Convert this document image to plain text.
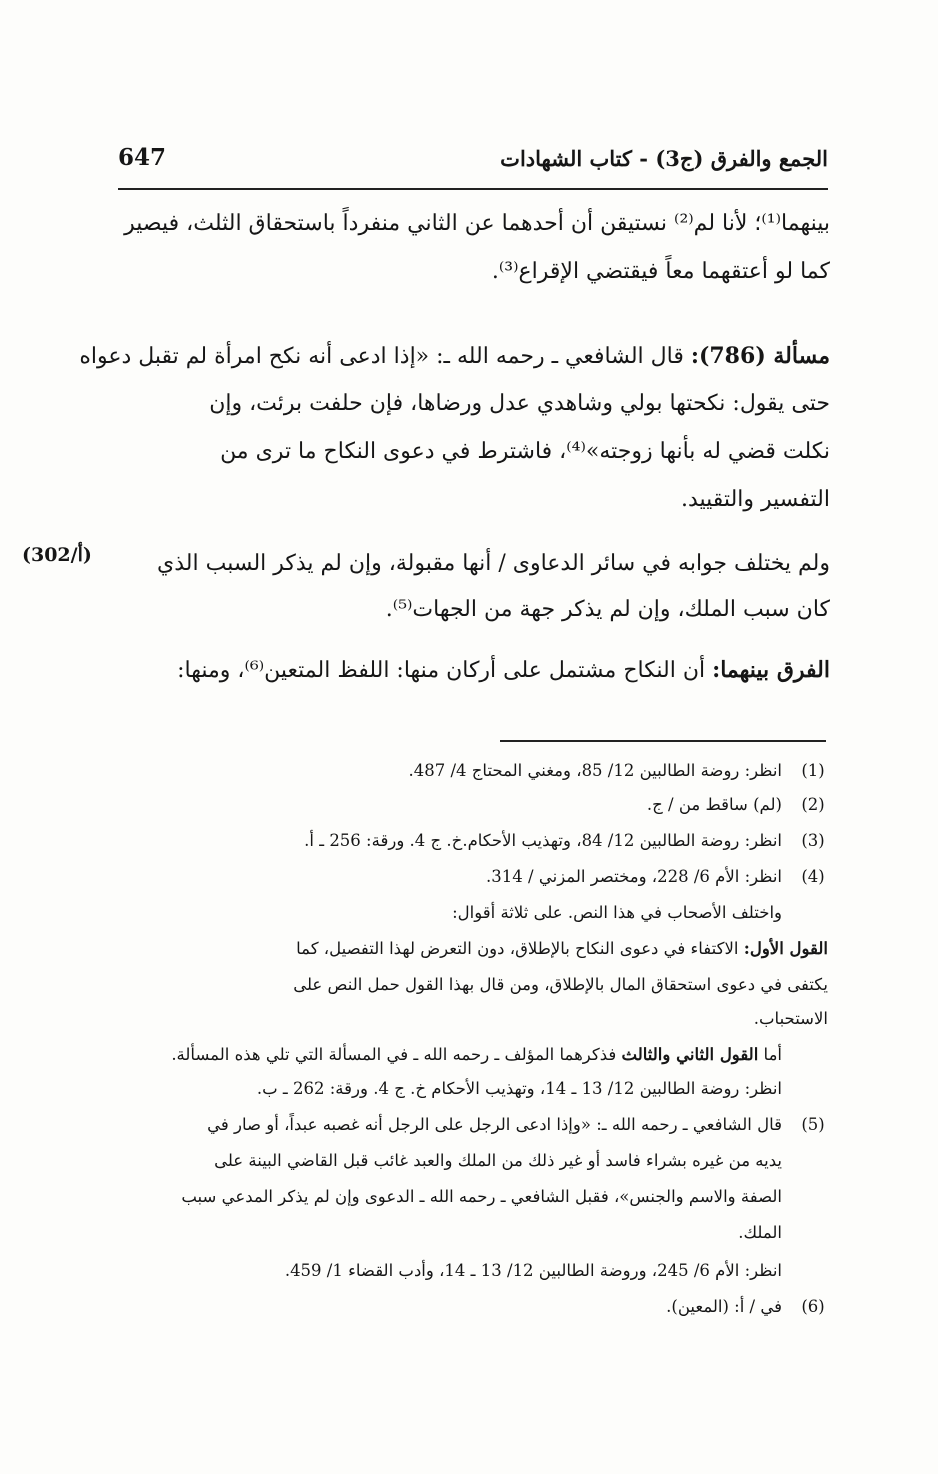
الجمع والفرق (ج3) - كتاب الشهادات
647
بينهما⁽¹⁾؛ لأنا لم⁽²⁾ نستيقن أن أحدهما عن الثاني منفرداً باستحقاق الثلث، فيصير
كما لو أعتقهما معاً فيقتضي الإقراع⁽³⁾.
مسألة (786): قال الشافعي ـ رحمه الله ـ: «إذا ادعى أنه نكح امرأة لم تقبل دعواه
حتى يقول: نكحتها بولي وشاهدي عدل ورضاها، فإن حلفت برئت، وإن
نكلت قضي له بأنها زوجته»⁽⁴⁾، فاشترط في دعوى النكاح ما ترى من
التفسير والتقييد.
ولم يختلف جوابه في سائر الدعاوى / أنها مقبولة، وإن لم يذكر السبب الذي
(302/أ)
كان سبب الملك، وإن لم يذكر جهة من الجهات⁽⁵⁾.
الفرق بينهما: أن النكاح مشتمل على أركان منها: اللفظ المتعين⁽⁶⁾، ومنها:
(1)
انظر: روضة الطالبين 12/ 85، ومغني المحتاج 4/ 487.
(2)
(لم) ساقط من / ج.
(3)
انظر: روضة الطالبين 12/ 84، وتهذيب الأحكام.خ. ج 4. ورقة: 256 ـ أ.
(4)
انظر: الأم 6/ 228، ومختصر المزني / 314.
واختلف الأصحاب في هذا النص. على ثلاثة أقوال:
القول الأول: الاكتفاء في دعوى النكاح بالإطلاق، دون التعرض لهذا التفصيل، كما
يكتفى في دعوى استحقاق المال بالإطلاق، ومن قال بهذا القول حمل النص على
الاستحباب.
أما القول الثاني والثالث فذكرهما المؤلف ـ رحمه الله ـ في المسألة التي تلي هذه المسألة.
انظر: روضة الطالبين 12/ 13 ـ 14، وتهذيب الأحكام خ. ج 4. ورقة: 262 ـ ب.
(5)
قال الشافعي ـ رحمه الله ـ: «وإذا ادعى الرجل على الرجل أنه غصبه عبداً، أو صار في
يديه من غيره بشراء فاسد أو غير ذلك من الملك والعبد غائب قبل القاضي البينة على
الصفة والاسم والجنس»، فقبل الشافعي ـ رحمه الله ـ الدعوى وإن لم يذكر المدعي سبب
الملك.
انظر: الأم 6/ 245، وروضة الطالبين 12/ 13 ـ 14، وأدب القضاء 1/ 459.
(6)
في / أ: (المعين).
